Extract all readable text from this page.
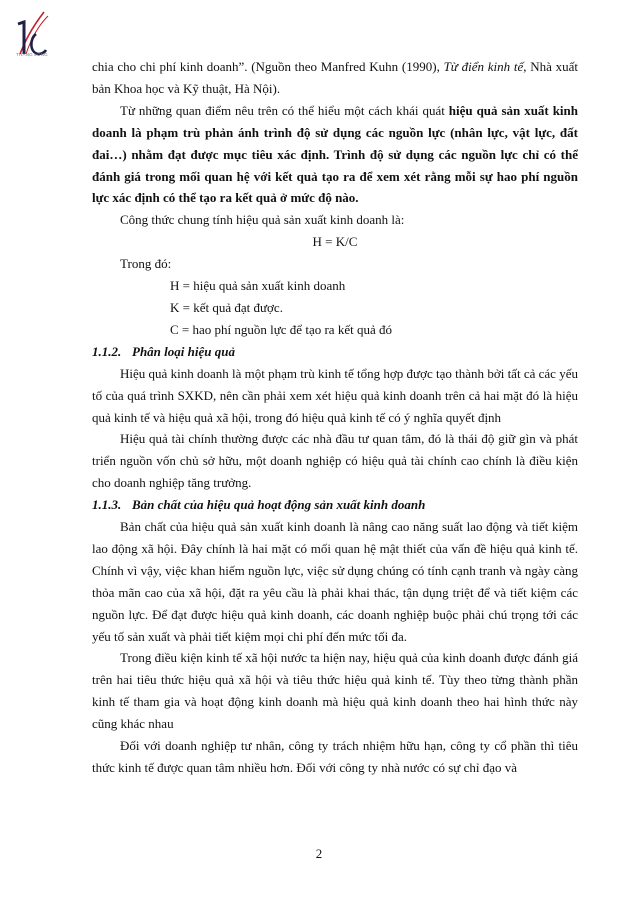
THANG LONG

chia cho chi phí kinh doanh”. (Nguồn theo Manfred Kuhn (1990), Từ điển kinh tế, Nhà xuất bản Khoa học và Kỹ thuật, Hà Nội).

Từ những quan điểm nêu trên có thể hiểu một cách khái quát hiệu quả sản xuất kinh doanh là phạm trù phản ánh trình độ sử dụng các nguồn lực (nhân lực, vật lực, đất đai…) nhằm đạt được mục tiêu xác định. Trình độ sử dụng các nguồn lực chỉ có thể đánh giá trong mối quan hệ với kết quả tạo ra để xem xét rằng mỗi sự hao phí nguồn lực xác định có thể tạo ra kết quả ở mức độ nào.

Công thức chung tính hiệu quả sản xuất kinh doanh là:

H = K/C

Trong đó:

H = hiệu quả sản xuất kinh doanh

K = kết quả đạt được.

C = hao phí nguồn lực để tạo ra kết quả đó

1.1.2. Phân loại hiệu quả

Hiệu quả kinh doanh là một phạm trù kinh tế tổng hợp được tạo thành bởi tất cả các yếu tố của quá trình SXKD, nên cần phải xem xét hiệu quả kinh doanh trên cả hai mặt đó là hiệu quả kinh tế và hiệu quả xã hội, trong đó hiệu quả kinh tế có ý nghĩa quyết định

Hiệu quả tài chính thường được các nhà đầu tư quan tâm, đó là thái độ giữ gìn và phát triển nguồn vốn chủ sở hữu, một doanh nghiệp có hiệu quả tài chính cao chính là điều kiện cho doanh nghiệp tăng trưởng.

1.1.3. Bản chất của hiệu quả hoạt động sản xuất kinh doanh

Bản chất của hiệu quả sản xuất kinh doanh là nâng cao năng suất lao động và tiết kiệm lao động xã hội. Đây chính là hai mặt có mối quan hệ mật thiết của vấn đề hiệu quả kinh tế. Chính vì vậy, việc khan hiếm nguồn lực, việc sử dụng chúng có tính cạnh tranh và ngày càng thỏa mãn cao của xã hội, đặt ra yêu cầu là phải khai thác, tận dụng triệt để và tiết kiệm các nguồn lực. Để đạt được hiệu quả kinh doanh, các doanh nghiệp buộc phải chú trọng tới các yếu tố sản xuất và phải tiết kiệm mọi chi phí đến mức tối đa.

Trong điều kiện kinh tế xã hội nước ta hiện nay, hiệu quả của kinh doanh được đánh giá trên hai tiêu thức hiệu quả xã hội và tiêu thức hiệu quả kinh tế. Tùy theo từng thành phần kinh tế tham gia và hoạt động kinh doanh mà hiệu quả kinh doanh theo hai hình thức này cũng khác nhau

Đối với doanh nghiệp tư nhân, công ty trách nhiệm hữu hạn, công ty cổ phần thì tiêu thức kinh tế được quan tâm nhiều hơn. Đối với công ty nhà nước có sự chỉ đạo và

2
